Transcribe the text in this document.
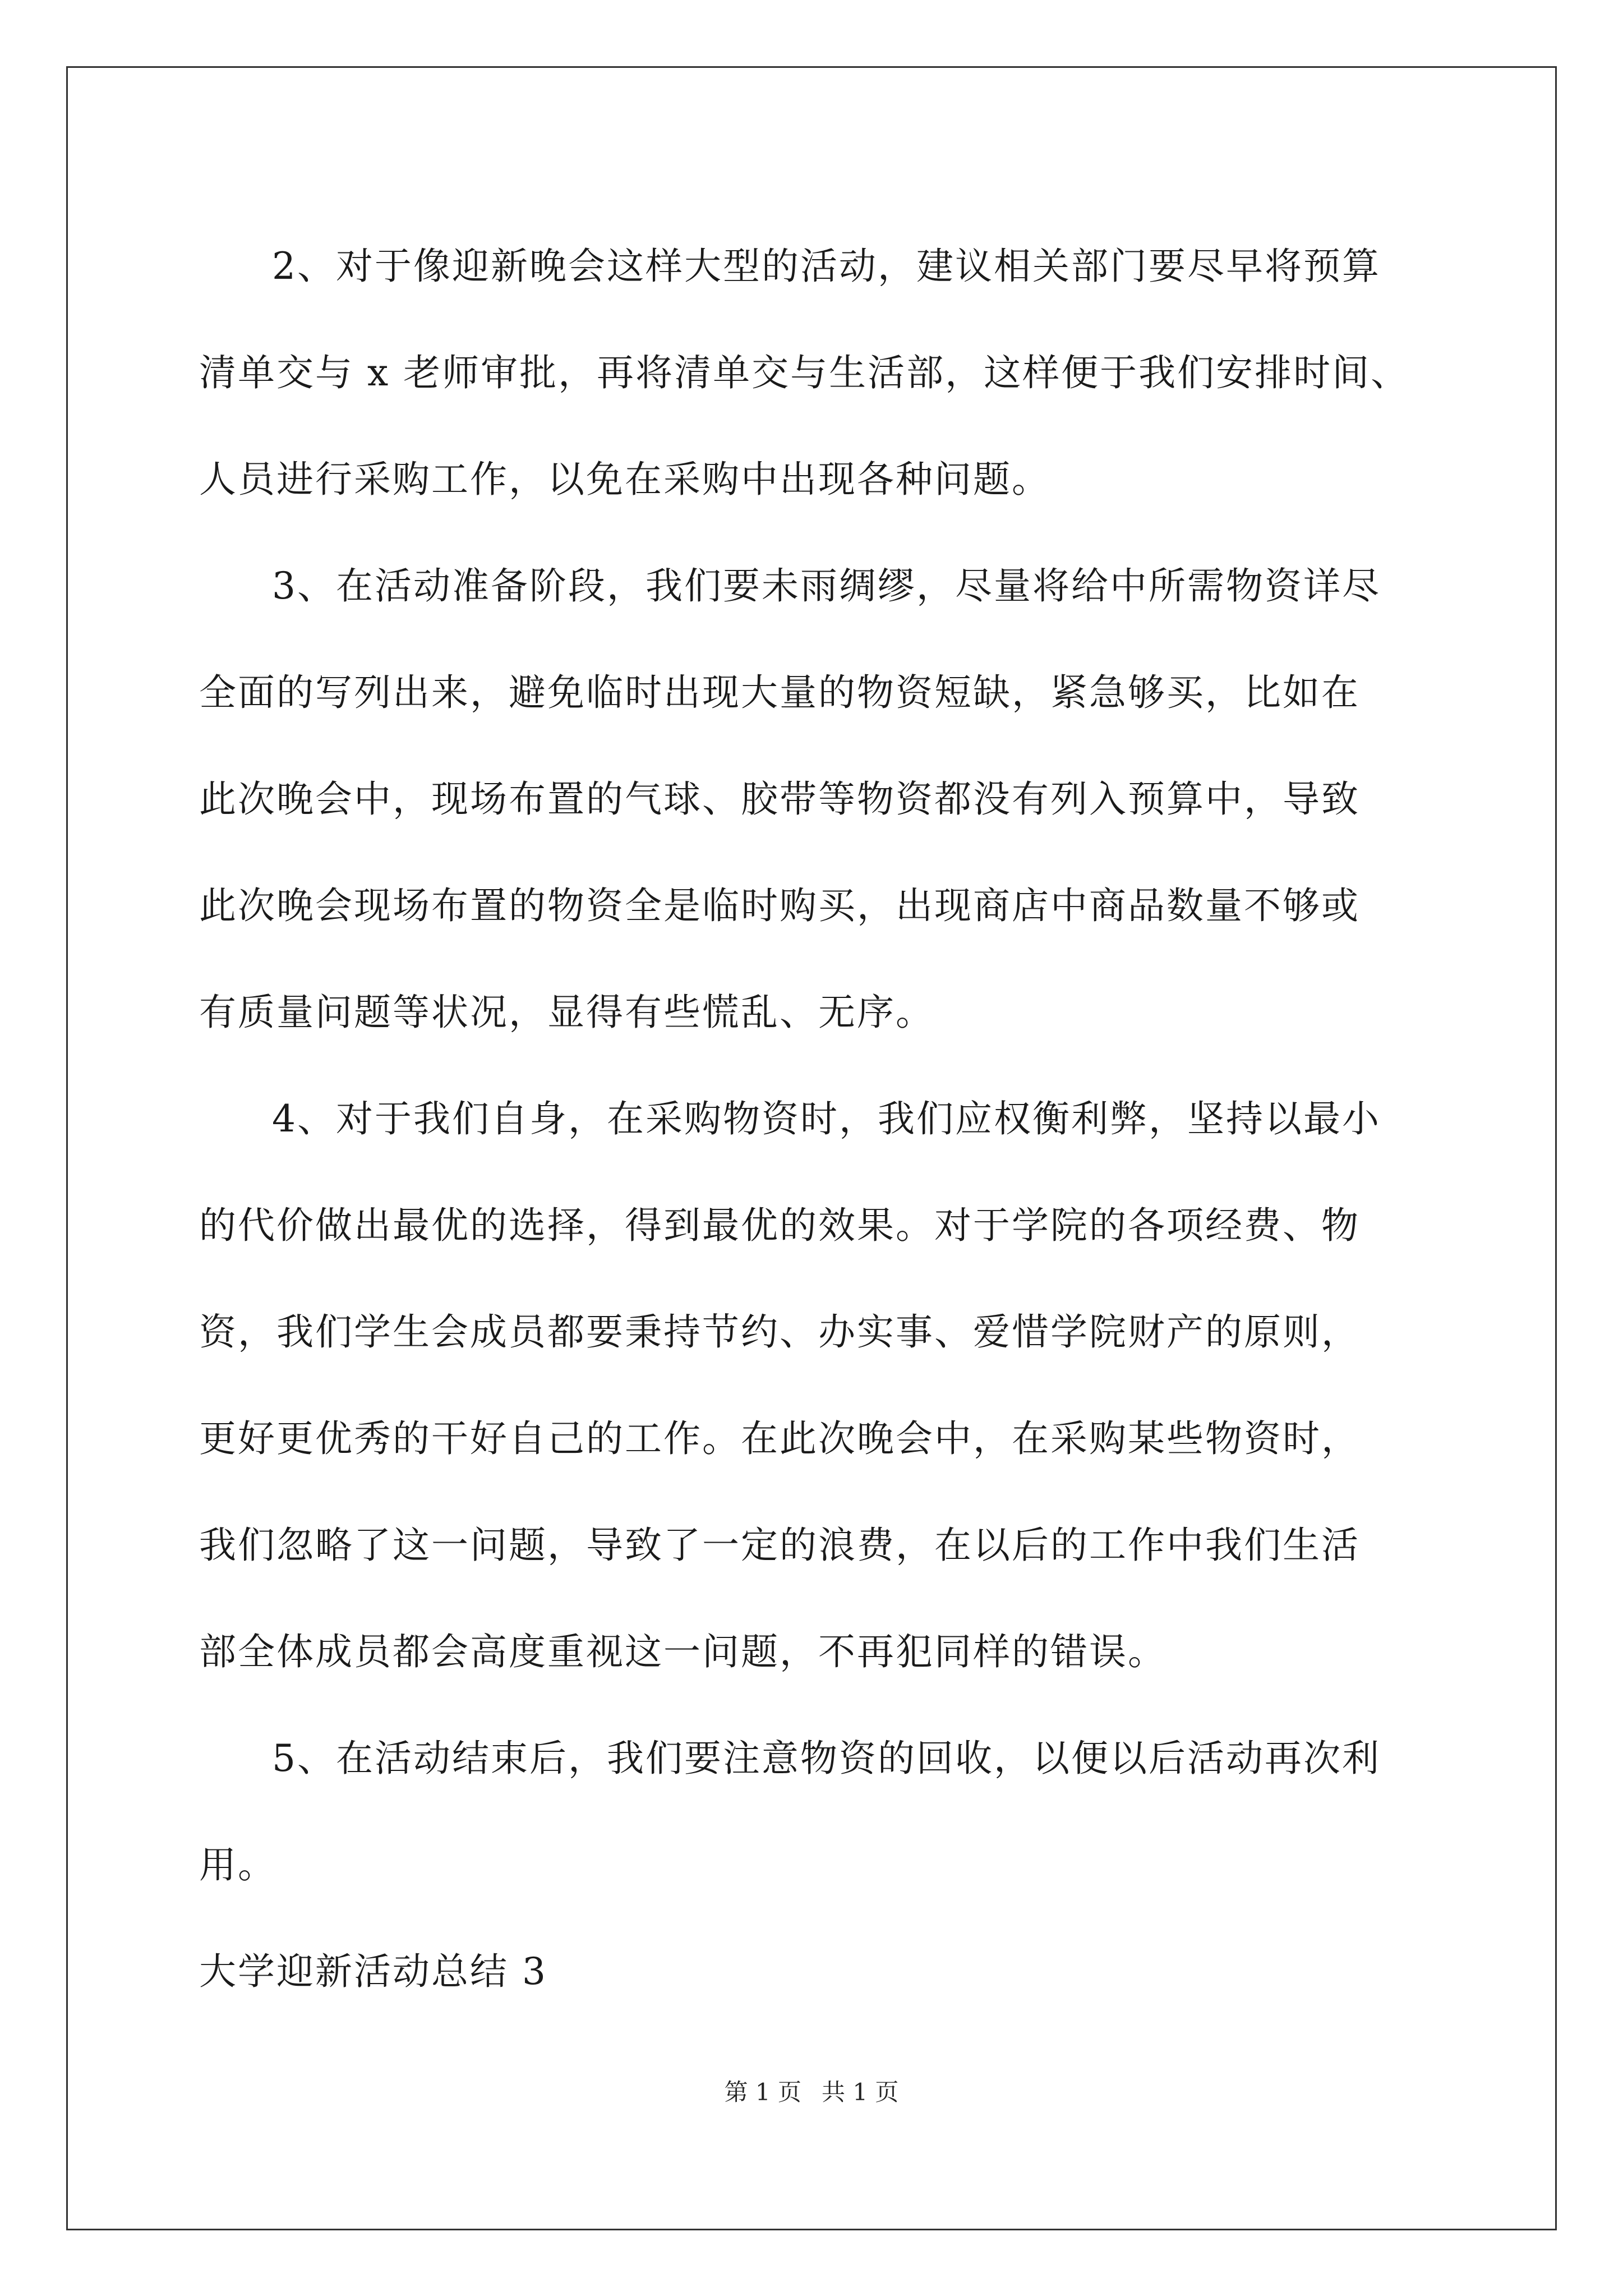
2、对于像迎新晚会这样大型的活动，建议相关部门要尽早将预算

清单交与 x 老师审批，再将清单交与生活部，这样便于我们安排时间、

人员进行采购工作，以免在采购中出现各种问题。

3、在活动准备阶段，我们要未雨绸缪，尽量将给中所需物资详尽

全面的写列出来，避免临时出现大量的物资短缺，紧急够买，比如在

此次晚会中，现场布置的气球、胶带等物资都没有列入预算中，导致

此次晚会现场布置的物资全是临时购买，出现商店中商品数量不够或

有质量问题等状况，显得有些慌乱、无序。

4、对于我们自身，在采购物资时，我们应权衡利弊，坚持以最小

的代价做出最优的选择，得到最优的效果。对于学院的各项经费、物

资，我们学生会成员都要秉持节约、办实事、爱惜学院财产的原则，

更好更优秀的干好自己的工作。在此次晚会中，在采购某些物资时，

我们忽略了这一问题，导致了一定的浪费，在以后的工作中我们生活

部全体成员都会高度重视这一问题，不再犯同样的错误。

5、在活动结束后，我们要注意物资的回收，以便以后活动再次利

用。

大学迎新活动总结 3

第 1 页 共 1 页
